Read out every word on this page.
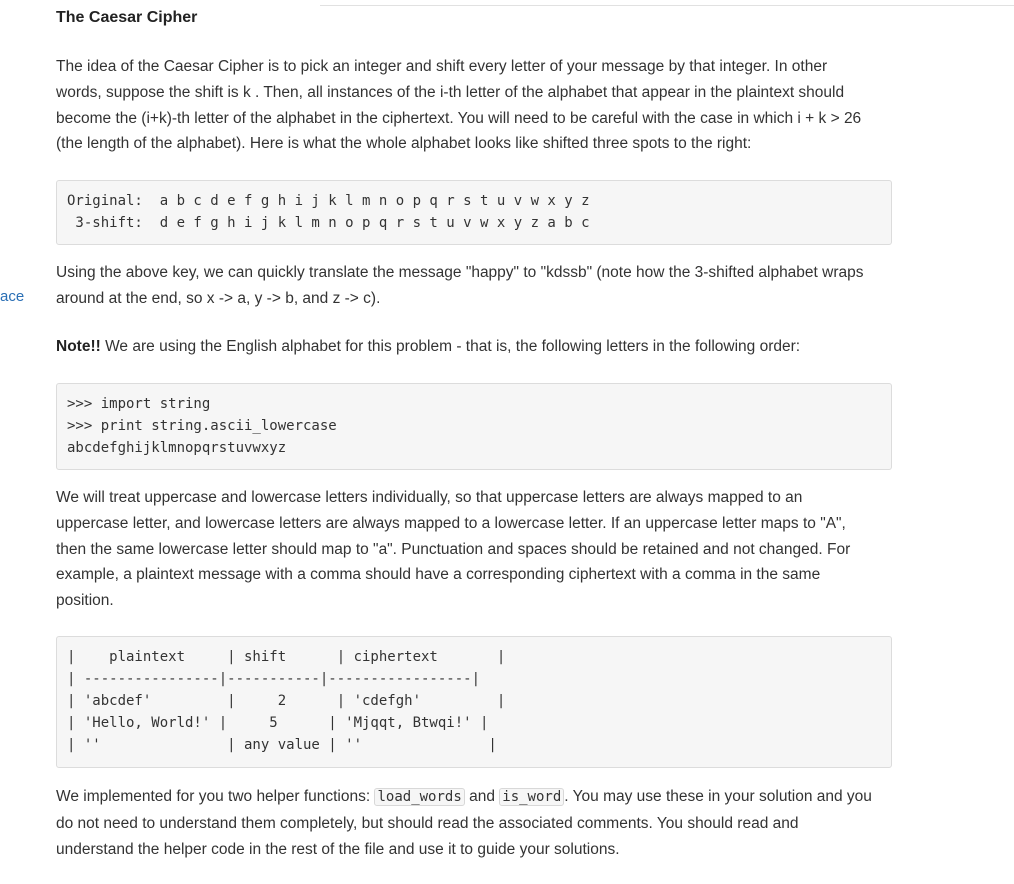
ace
The Caesar Cipher
The idea of the Caesar Cipher is to pick an integer and shift every letter of your message by that integer. In other
words, suppose the shift is k . Then, all instances of the i-th letter of the alphabet that appear in the plaintext should
become the (i+k)-th letter of the alphabet in the ciphertext. You will need to be careful with the case in which i + k > 26
(the length of the alphabet). Here is what the whole alphabet looks like shifted three spots to the right:
Original:  a b c d e f g h i j k l m n o p q r s t u v w x y z
3-shift:  d e f g h i j k l m n o p q r s t u v w x y z a b c
Using the above key, we can quickly translate the message "happy" to "kdssb" (note how the 3-shifted alphabet wraps
around at the end, so x -> a, y -> b, and z -> c).
Note!! We are using the English alphabet for this problem - that is, the following letters in the following order:
>>> import string
>>> print string.ascii_lowercase
abcdefghijklmnopqrstuvwxyz
We will treat uppercase and lowercase letters individually, so that uppercase letters are always mapped to an
uppercase letter, and lowercase letters are always mapped to a lowercase letter. If an uppercase letter maps to "A",
then the same lowercase letter should map to "a". Punctuation and spaces should be retained and not changed. For
example, a plaintext message with a comma should have a corresponding ciphertext with a comma in the same
position.
|    plaintext     | shift      | ciphertext       |
| ----------------|-----------|-----------------|
| 'abcdef'         |     2      | 'cdefgh'         |
| 'Hello, World!' |     5      | 'Mjqqt, Btwqi!' |
| ''               | any value | ''               |
We implemented for you two helper functions: load_words and is_word . You may use these in your solution and you
do not need to understand them completely, but should read the associated comments. You should read and
understand the helper code in the rest of the file and use it to guide your solutions.
